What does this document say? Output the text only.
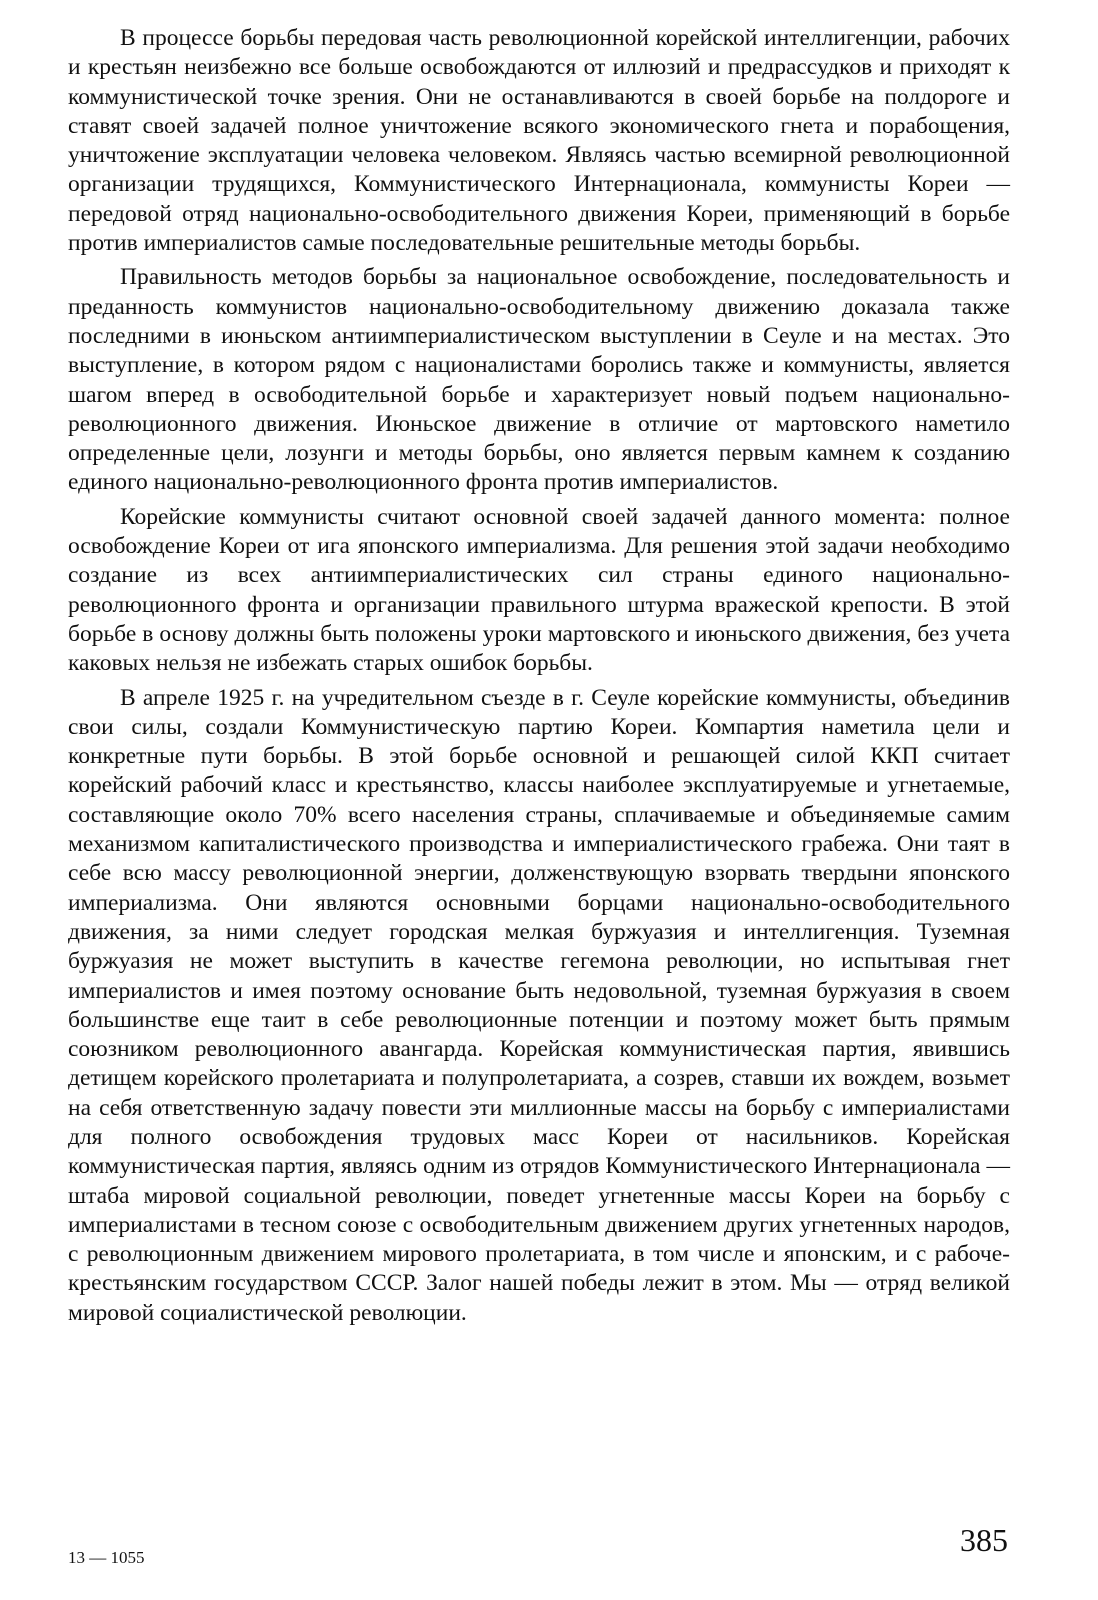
В процессе борьбы передовая часть революционной корейской интеллигенции, рабочих и крестьян неизбежно все больше освобождаются от иллюзий и предрассудков и приходят к коммунистической точке зрения. Они не останавливаются в своей борьбе на полдороге и ставят своей задачей полное уничтожение всякого экономического гнета и порабощения, уничтожение эксплуатации человека человеком. Являясь частью всемирной революционной организации трудящихся, Коммунистического Интернационала, коммунисты Кореи — передовой отряд национально-освободительного движения Кореи, применяющий в борьбе против империалистов самые последовательные решительные методы борьбы.

Правильность методов борьбы за национальное освобождение, последовательность и преданность коммунистов национально-освободительному движению доказала также последними в июньском антиимпериалистическом выступлении в Сеуле и на местах. Это выступление, в котором рядом с националистами боролись также и коммунисты, является шагом вперед в освободительной борьбе и характеризует новый подъем национально-революционного движения. Июньское движение в отличие от мартовского наметило определенные цели, лозунги и методы борьбы, оно является первым камнем к созданию единого национально-революционного фронта против империалистов.

Корейские коммунисты считают основной своей задачей данного момента: полное освобождение Кореи от ига японского империализма. Для решения этой задачи необходимо создание из всех антиимпериалистических сил страны единого национально-революционного фронта и организации правильного штурма вражеской крепости. В этой борьбе в основу должны быть положены уроки мартовского и июньского движения, без учета каковых нельзя не избежать старых ошибок борьбы.

В апреле 1925 г. на учредительном съезде в г. Сеуле корейские коммунисты, объединив свои силы, создали Коммунистическую партию Кореи. Компартия наметила цели и конкретные пути борьбы. В этой борьбе основной и решающей силой ККП считает корейский рабочий класс и крестьянство, классы наиболее эксплуатируемые и угнетаемые, составляющие около 70% всего населения страны, сплачиваемые и объединяемые самим механизмом капиталистического производства и империалистического грабежа. Они таят в себе всю массу революционной энергии, долженствующую взорвать твердыни японского империализма. Они являются основными борцами национально-освободительного движения, за ними следует городская мелкая буржуазия и интеллигенция. Туземная буржуазия не может выступить в качестве гегемона революции, но испытывая гнет империалистов и имея поэтому основание быть недовольной, туземная буржуазия в своем большинстве еще таит в себе революционные потенции и поэтому может быть прямым союзником революционного авангарда. Корейская коммунистическая партия, явившись детищем корейского пролетариата и полупролетариата, а созрев, ставши их вождем, возьмет на себя ответственную задачу повести эти миллионные массы на борьбу с империалистами для полного освобождения трудовых масс Кореи от насильников. Корейская коммунистическая партия, являясь одним из отрядов Коммунистического Интернационала — штаба мировой социальной революции, поведет угнетенные массы Кореи на борьбу с империалистами в тесном союзе с освободительным движением других угнетенных народов, с революционным движением мирового пролетариата, в том числе и японским, и с рабоче-крестьянским государством СССР. Залог нашей победы лежит в этом. Мы — отряд великой мировой социалистической революции.

13 — 1055	385
